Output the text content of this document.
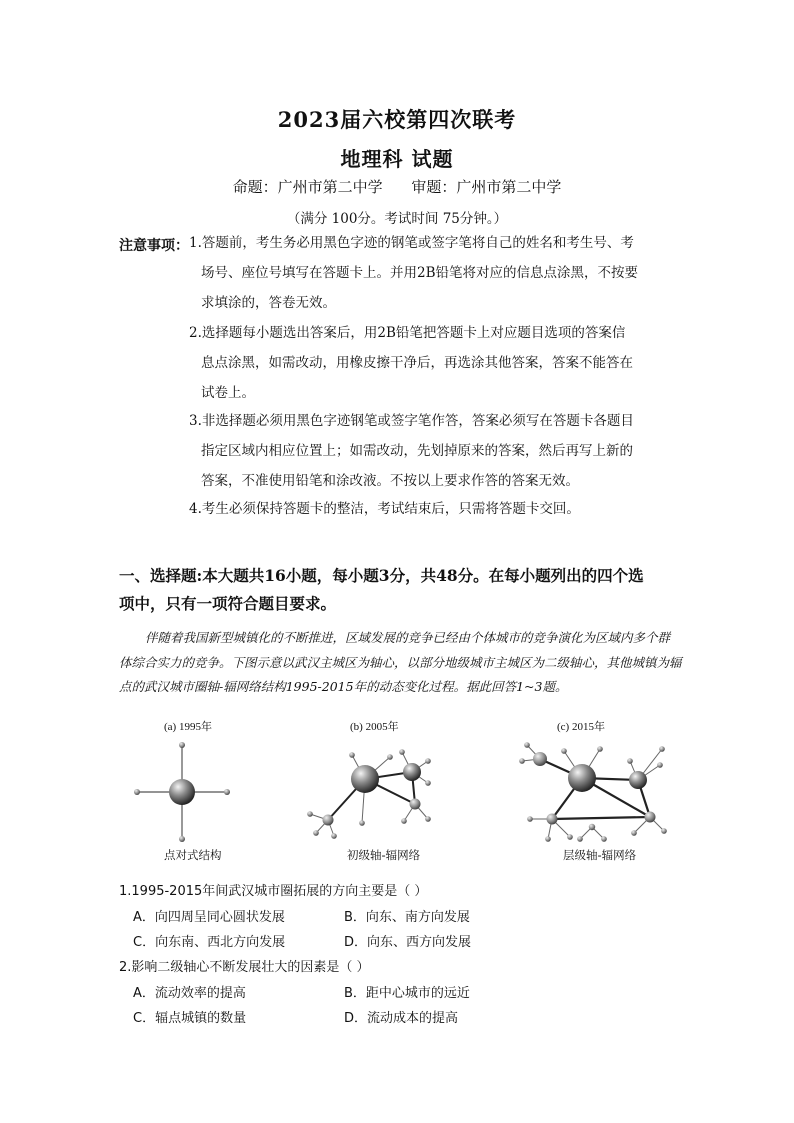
2023届六校第四次联考
地理科 试题
命题：广州市第二中学 审题：广州市第二中学
（满分 100分。考试时间 75分钟。）
注意事项： 1.答题前，考生务必用黑色字迹的钢笔或签字笔将自己的姓名和考生号、考
场号、座位号填写在答题卡上。并用2B铅笔将对应的信息点涂黑，不按要
求填涂的，答卷无效。
2.选择题每小题选出答案后，用2B铅笔把答题卡上对应题目选项的答案信
息点涂黑，如需改动，用橡皮擦干净后，再选涂其他答案，答案不能答在
试卷上。
3.非选择题必须用黑色字迹钢笔或签字笔作答，答案必须写在答题卡各题目
指定区域内相应位置上；如需改动，先划掉原来的答案，然后再写上新的
答案，不准使用铅笔和涂改液。不按以上要求作答的答案无效。
4.考生必须保持答题卡的整洁，考试结束后，只需将答题卡交回。
一、选择题:本大题共16小题，每小题3分，共48分。在每小题列出的四个选
项中，只有一项符合题目要求。
伴随着我国新型城镇化的不断推进，区域发展的竞争已经由个体城市的竞争演化为区域内多个群体综合实力的竞争。下图示意以武汉主城区为轴心，以部分地级城市主城区为二级轴心，其他城镇为辐点的武汉城市圈轴-辐网络结构1995-2015年的动态变化过程。据此回答1~3题。
(a) 1995年
点对式结构
(b) 2005年
初级轴-辐网络
(c) 2015年
层级轴-辐网络
1.1995-2015年间武汉城市圈拓展的方向主要是（ ）
A．向四周呈同心圆状发展	B．向东、南方向发展
C．向东南、西北方向发展	D．向东、西方向发展
2.影响二级轴心不断发展壮大的因素是（ ）
A．流动效率的提高	B．距中心城市的远近
C．辐点城镇的数量	D．流动成本的提高
